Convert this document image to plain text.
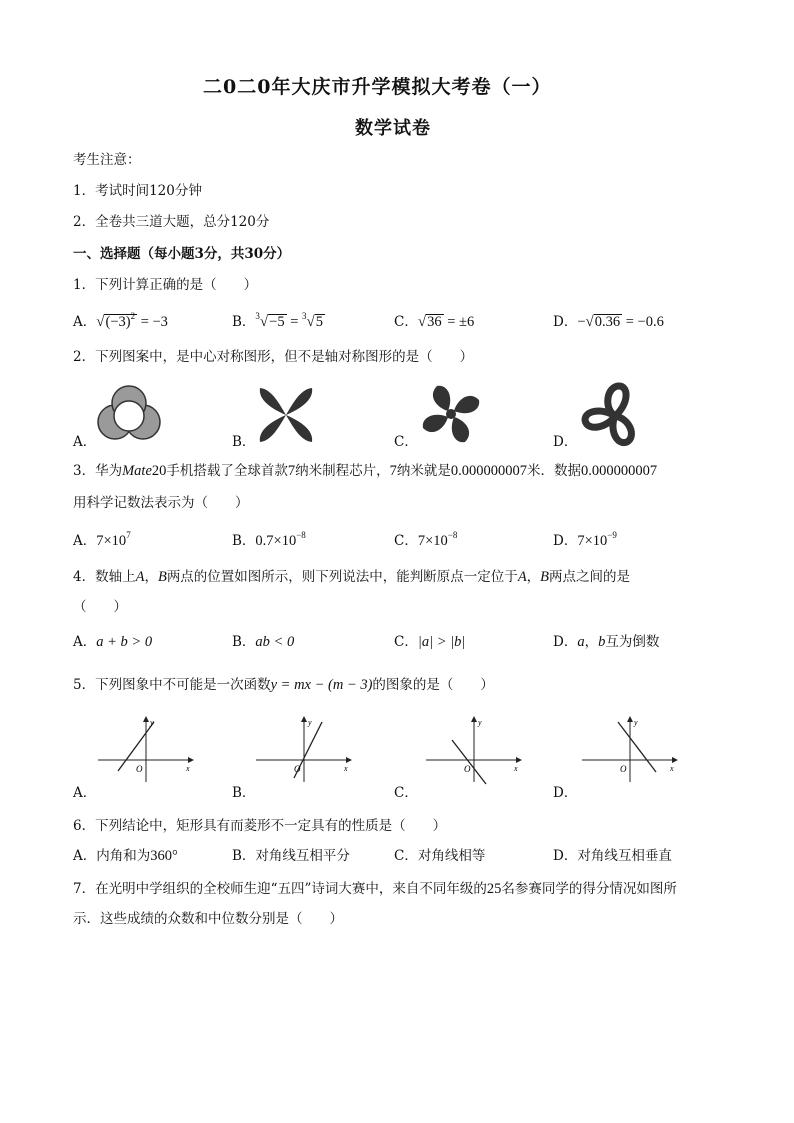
二0二0年大庆市升学模拟大考卷（一）
数学试卷
考生注意：
1．考试时间120分钟
2．全卷共三道大题，总分120分
一、选择题（每小题3分，共30分）
1．下列计算正确的是（　　）
A．$√(-3)^2 = -3$	B．$^3$√−5 = $^3$√5	C．√36 = ±6	D．−√0.36 = −0.6
2．下列图案中，是中心对称图形，但不是轴对称图形的是（　　）
A．	B．	C．	D．
3．华为Mate20手机搭载了全球首款7纳米制程芯片，7纳米就是0.000000007米．数据0.000000007
用科学记数法表示为（　　）
A．$7\times 10^7$	B．$0.7\times 10^{-8}$	C．$7\times 10^{-8}$	D．$7\times 10^{-9}$
4．数轴上A，B两点的位置如图所示，则下列说法中，能判断原点一定位于A，B两点之间的是
（　　）
A．a + b > 0	B．ab < 0	C．|a| > |b|	D．a，b互为倒数
5．下列图象中不可能是一次函数y = mx − (m − 3)的图象的是（　　）
x
y
O	x
y
O	x
y
O	x
y
O
A．	B．	C．	D．
6．下列结论中，矩形具有而菱形不一定具有的性质是（　　）
A．内角和为360°	B．对角线互相平分	C．对角线相等	D．对角线互相垂直
7．在光明中学组织的全校师生迎“五四”诗词大赛中，来自不同年级的25名参赛同学的得分情况如图所
示．这些成绩的众数和中位数分别是（　　）
